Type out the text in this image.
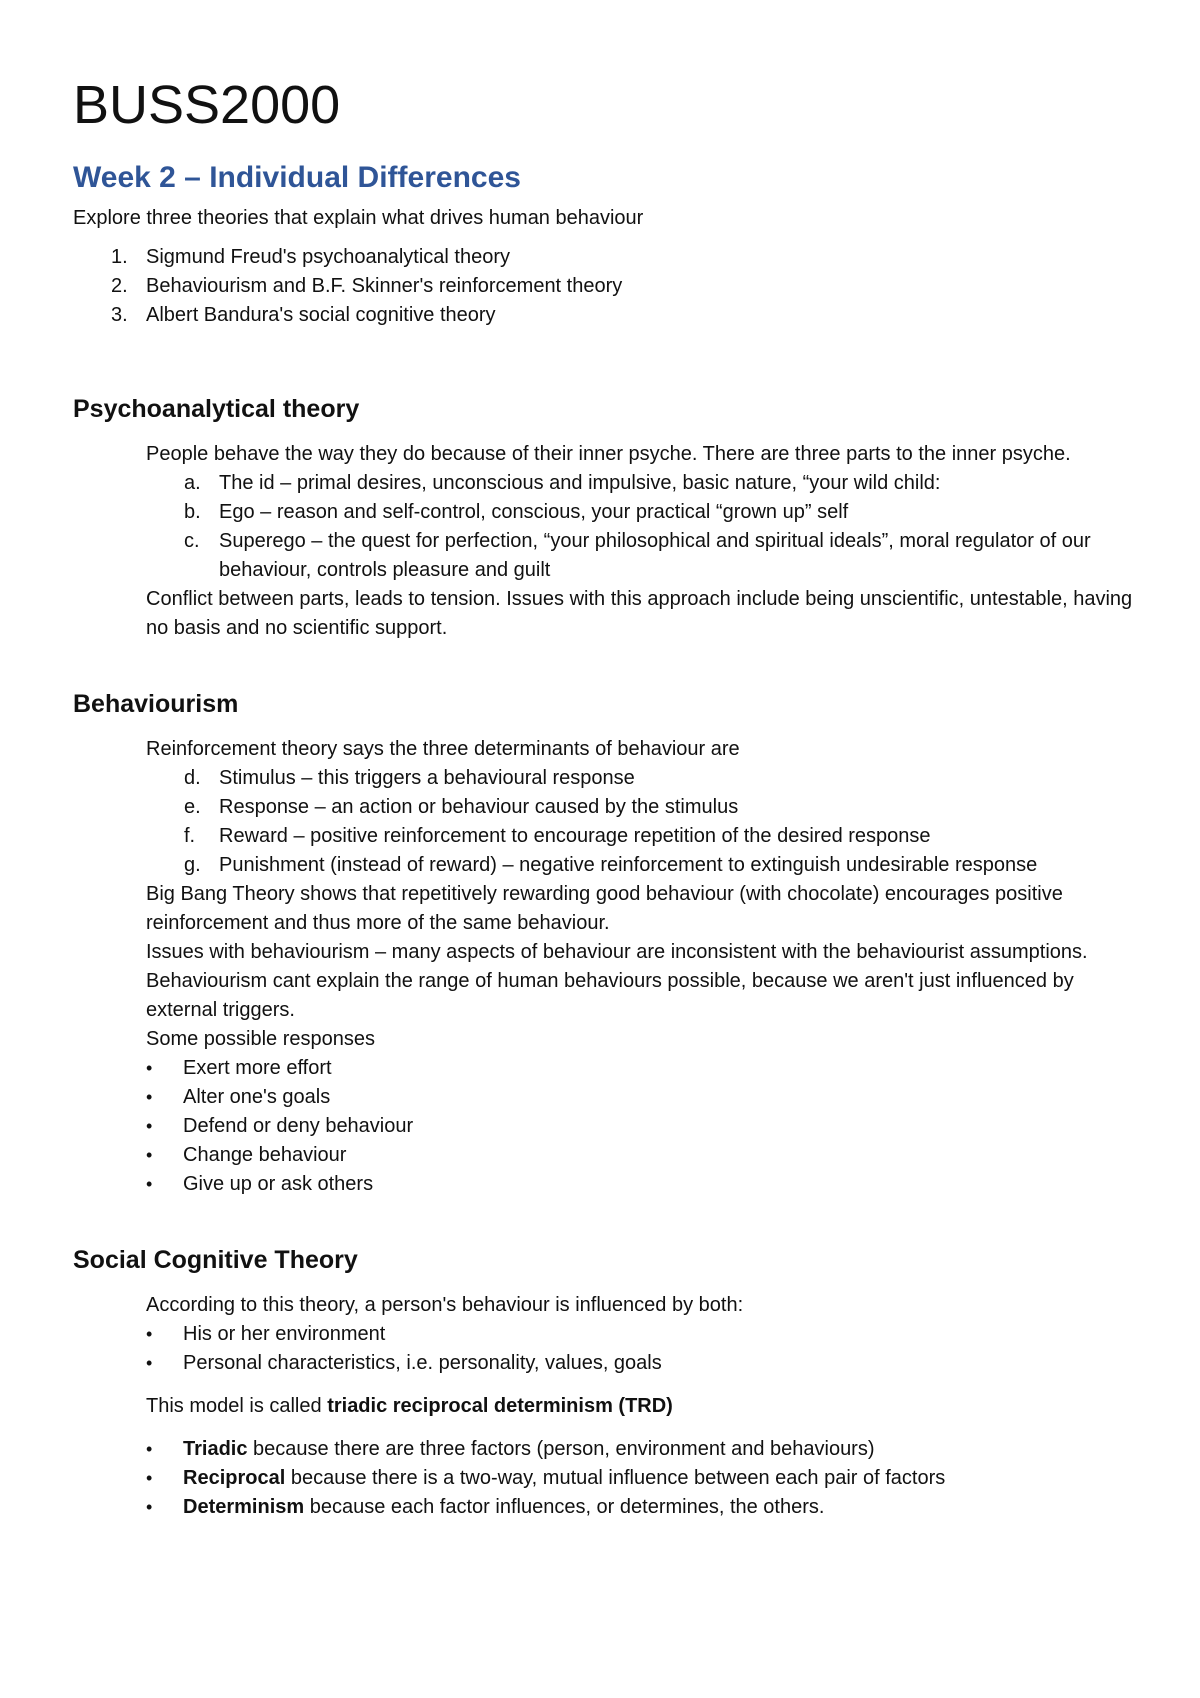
BUSS2000
Week 2 – Individual Differences

Explore three theories that explain what drives human behaviour

1. Sigmund Freud's psychoanalytical theory
2. Behaviourism and B.F. Skinner's reinforcement theory
3. Albert Bandura's social cognitive theory
Psychoanalytical theory

People behave the way they do because of their inner psyche. There are three parts to the inner psyche.

a. The id – primal desires, unconscious and impulsive, basic nature, “your wild child:
b. Ego – reason and self-control, conscious, your practical “grown up” self
c. Superego – the quest for perfection, “your philosophical and spiritual ideals”, moral regulator of our behaviour, controls pleasure and guilt

Conflict between parts, leads to tension. Issues with this approach include being unscientific, untestable, having no basis and no scientific support.

Behaviourism

Reinforcement theory says the three determinants of behaviour are

d. Stimulus – this triggers a behavioural response
e. Response – an action or behaviour caused by the stimulus
f. Reward – positive reinforcement to encourage repetition of the desired response
g. Punishment (instead of reward) – negative reinforcement to extinguish undesirable response

Big Bang Theory shows that repetitively rewarding good behaviour (with chocolate) encourages positive reinforcement and thus more of the same behaviour.

Issues with behaviourism – many aspects of behaviour are inconsistent with the behaviourist assumptions.

Behaviourism cant explain the range of human behaviours possible, because we aren't just influenced by external triggers.

Some possible responses

• Exert more effort
• Alter one's goals
• Defend or deny behaviour
• Change behaviour
• Give up or ask others
Social Cognitive Theory

According to this theory, a person's behaviour is influenced by both:

• His or her environment
• Personal characteristics, i.e. personality, values, goals

This model is called triadic reciprocal determinism (TRD)

• Triadic because there are three factors (person, environment and behaviours)
• Reciprocal because there is a two-way, mutual influence between each pair of factors
• Determinism because each factor influences, or determines, the others.
